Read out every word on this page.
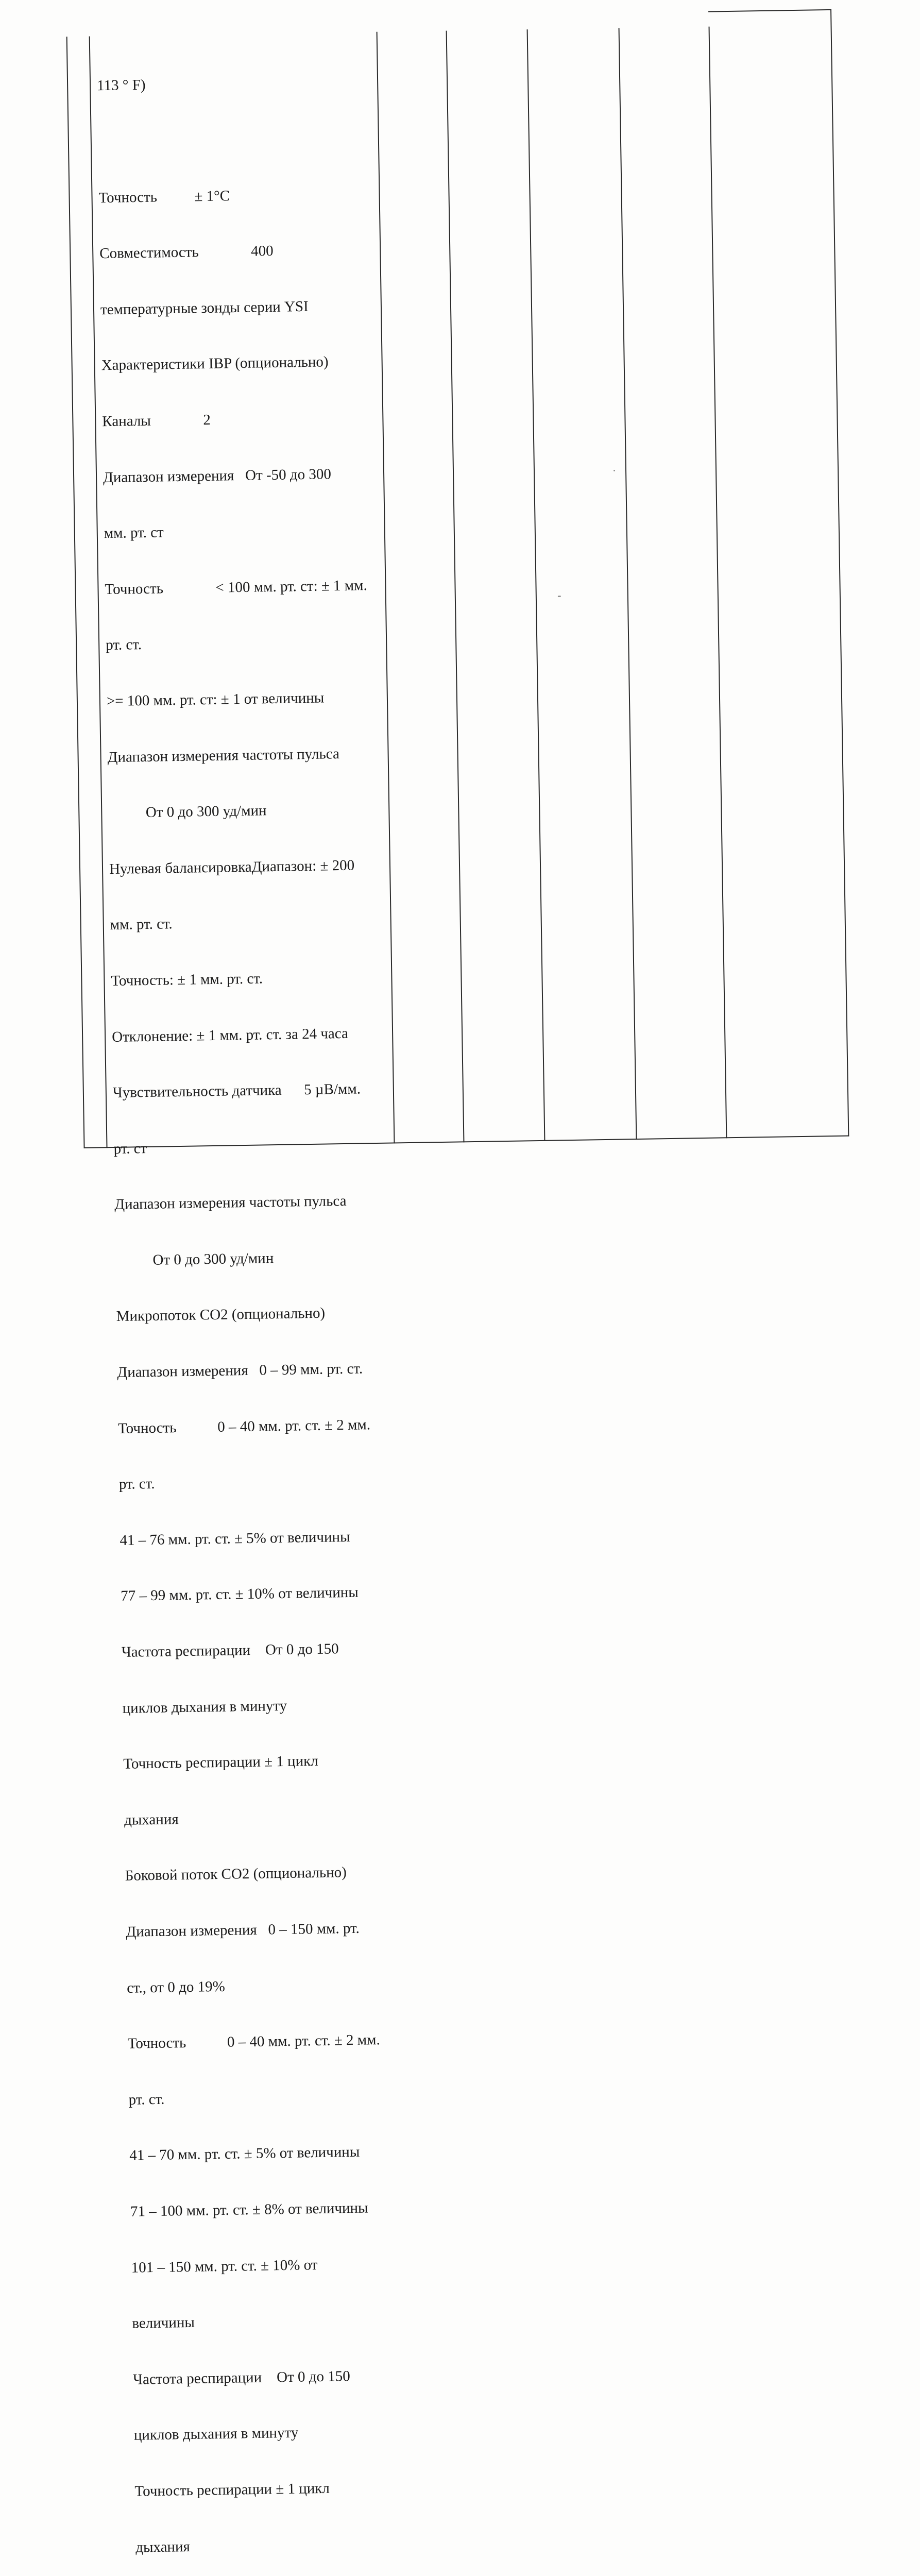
113 ° F)

Точность          ± 1°C

Совместимость              400

температурные зонды серии YSI

Характеристики IBP (опционально)

Каналы              2

Диапазон измерения   От -50 до 300

мм. рт. ст

Точность              < 100 мм. рт. ст: ± 1 мм.

рт. ст.

>= 100 мм. рт. ст: ± 1 от величины

Диапазон измерения частоты пульса

От 0 до 300 уд/мин

Нулевая балансировкаДиапазон: ± 200

мм. рт. ст.

Точность: ± 1 мм. рт. ст.

Отклонение: ± 1 мм. рт. ст. за 24 часа

Чувствительность датчика      5 µВ/мм.

рт. ст

Диапазон измерения частоты пульса

От 0 до 300 уд/мин

Микропоток CO2 (опционально)

Диапазон измерения   0 – 99 мм. рт. ст.

Точность           0 – 40 мм. рт. ст. ± 2 мм.

рт. ст.

41 – 76 мм. рт. ст. ± 5% от величины

77 – 99 мм. рт. ст. ± 10% от величины

Частота респирации    От 0 до 150

циклов дыхания в минуту

Точность респирации ± 1 цикл

дыхания

Боковой поток CO2 (опционально)

Диапазон измерения   0 – 150 мм. рт.

ст., от 0 до 19%

Точность           0 – 40 мм. рт. ст. ± 2 мм.

рт. ст.

41 – 70 мм. рт. ст. ± 5% от величины

71 – 100 мм. рт. ст. ± 8% от величины

101 – 150 мм. рт. ст. ± 10% от

величины

Частота респирации    От 0 до 150

циклов дыхания в минуту

Точность респирации ± 1 цикл

дыхания
